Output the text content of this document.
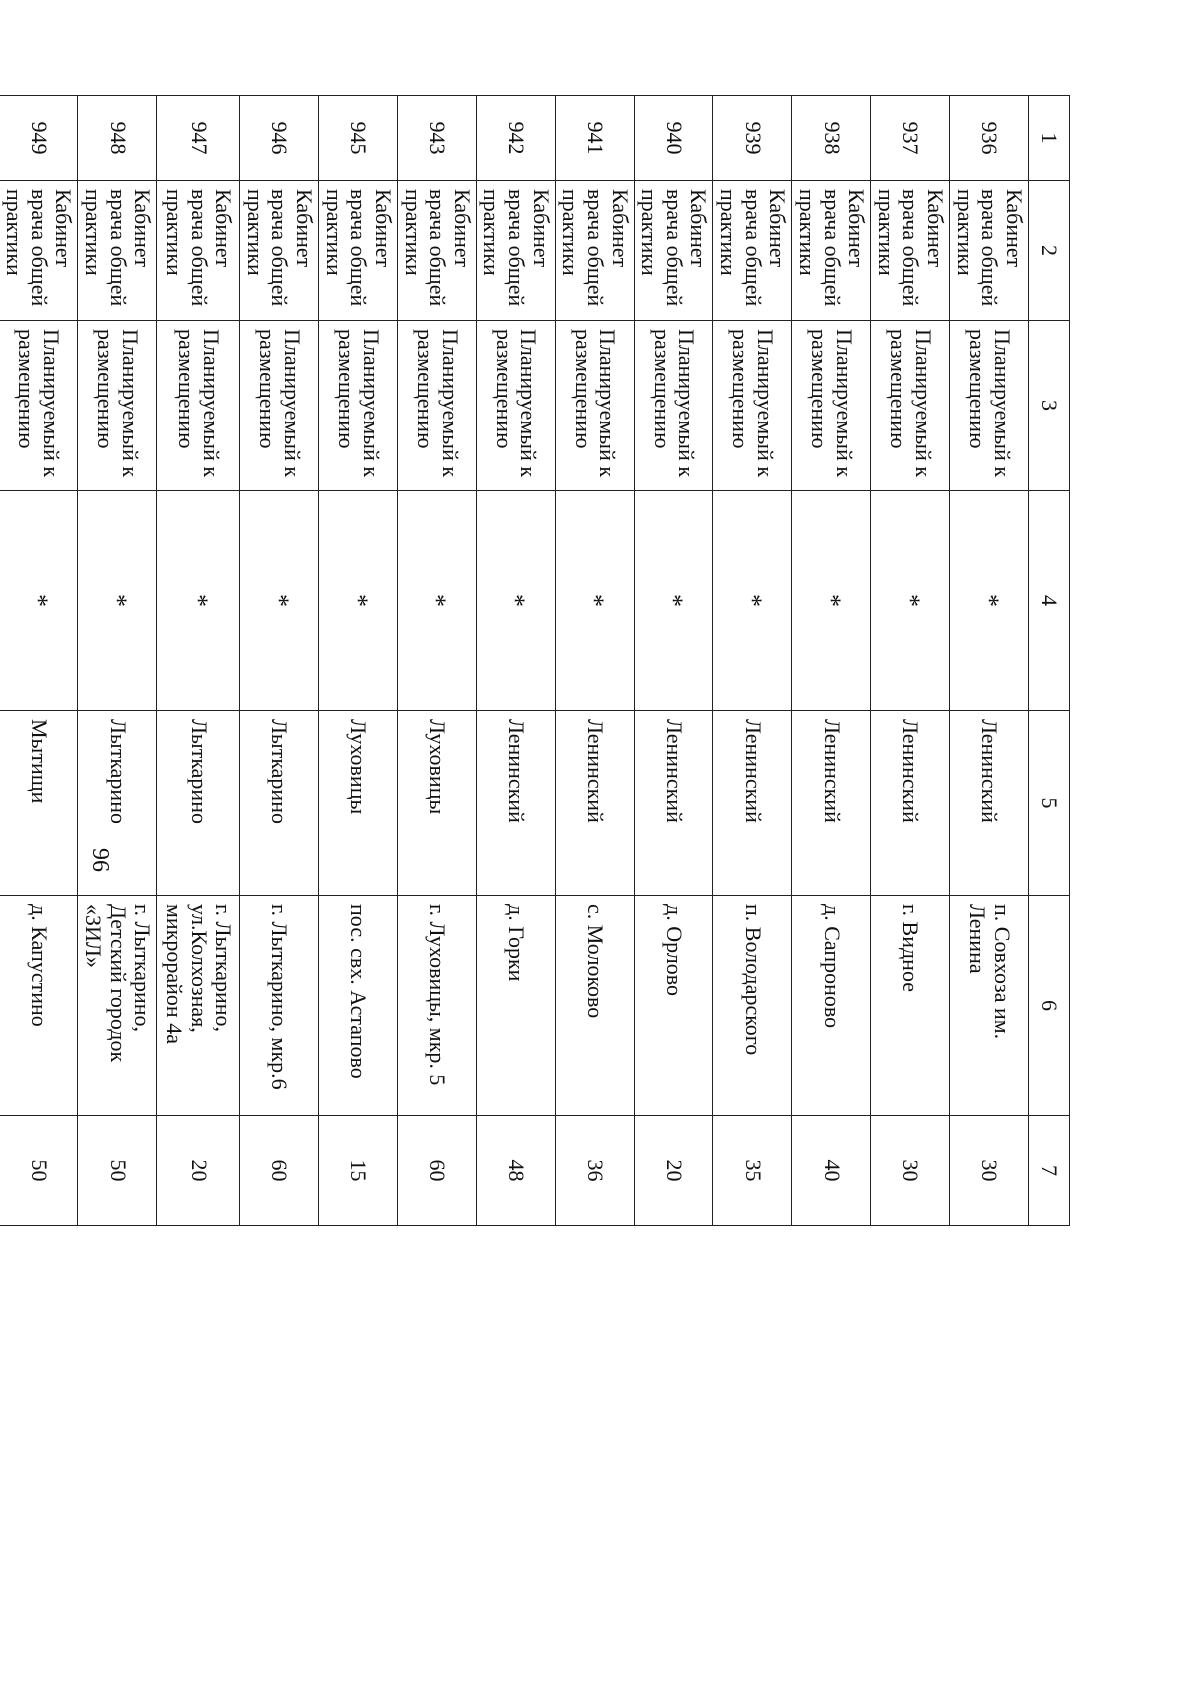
96
1	2	3	4	5	6	7
936	Кабинет врача общей практики	Планируемый к размещению	*	Ленинский	п. Совхоза им. Ленина	30
937	Кабинет врача общей практики	Планируемый к размещению	*	Ленинский	г. Видное	30
938	Кабинет врача общей практики	Планируемый к размещению	*	Ленинский	д. Сапроново	40
939	Кабинет врача общей практики	Планируемый к размещению	*	Ленинский	п. Володарского	35
940	Кабинет врача общей практики	Планируемый к размещению	*	Ленинский	д. Орлово	20
941	Кабинет врача общей практики	Планируемый к размещению	*	Ленинский	с. Молоково	36
942	Кабинет врача общей практики	Планируемый к размещению	*	Ленинский	д. Горки	48
943	Кабинет врача общей практики	Планируемый к размещению	*	Луховицы	г. Луховицы, мкр. 5	60
945	Кабинет врача общей практики	Планируемый к размещению	*	Луховицы	пос. свх. Астапово	15
946	Кабинет врача общей практики	Планируемый к размещению	*	Лыткарино	г. Лыткарино, мкр.6	60
947	Кабинет врача общей практики	Планируемый к размещению	*	Лыткарино	г. Лыткарино, ул.Колхозная, микрорайон 4а	20
948	Кабинет врача общей практики	Планируемый к размещению	*	Лыткарино	г. Лыткарино, Детский городок «ЗИЛ»	50
949	Кабинет врача общей практики	Планируемый к размещению	*	Мытищи	д. Капустино	50
